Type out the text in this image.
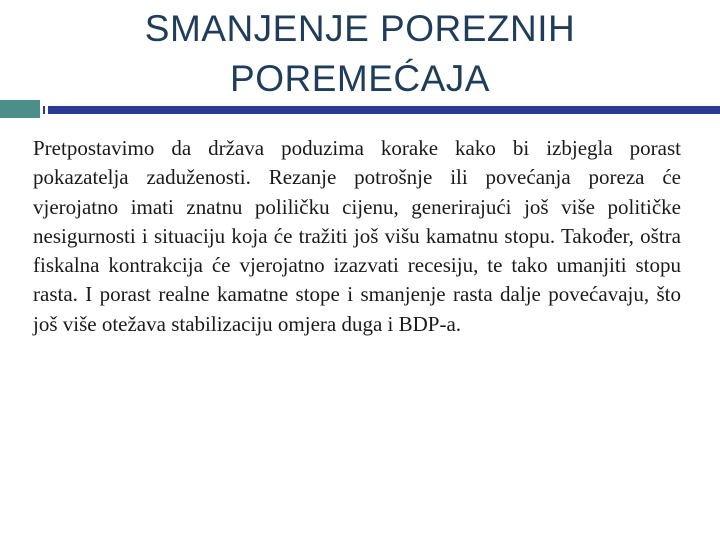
SMANJENJE POREZNIH
POREMEĆAJA

Pretpostavimo da država poduzima korake kako bi izbjegla porast pokazatelja zaduženosti. Rezanje potrošnje ili povećanja poreza će vjerojatno imati znatnu poliličku cijenu, generirajući još više političke nesigurnosti i situaciju koja će tražiti još višu kamatnu stopu. Također, oštra fiskalna kontrakcija će vjerojatno izazvati recesiju, te tako umanjiti stopu rasta. I porast realne kamatne stope i smanjenje rasta dalje povećavaju, što još više otežava stabilizaciju omjera duga i BDP-a.
